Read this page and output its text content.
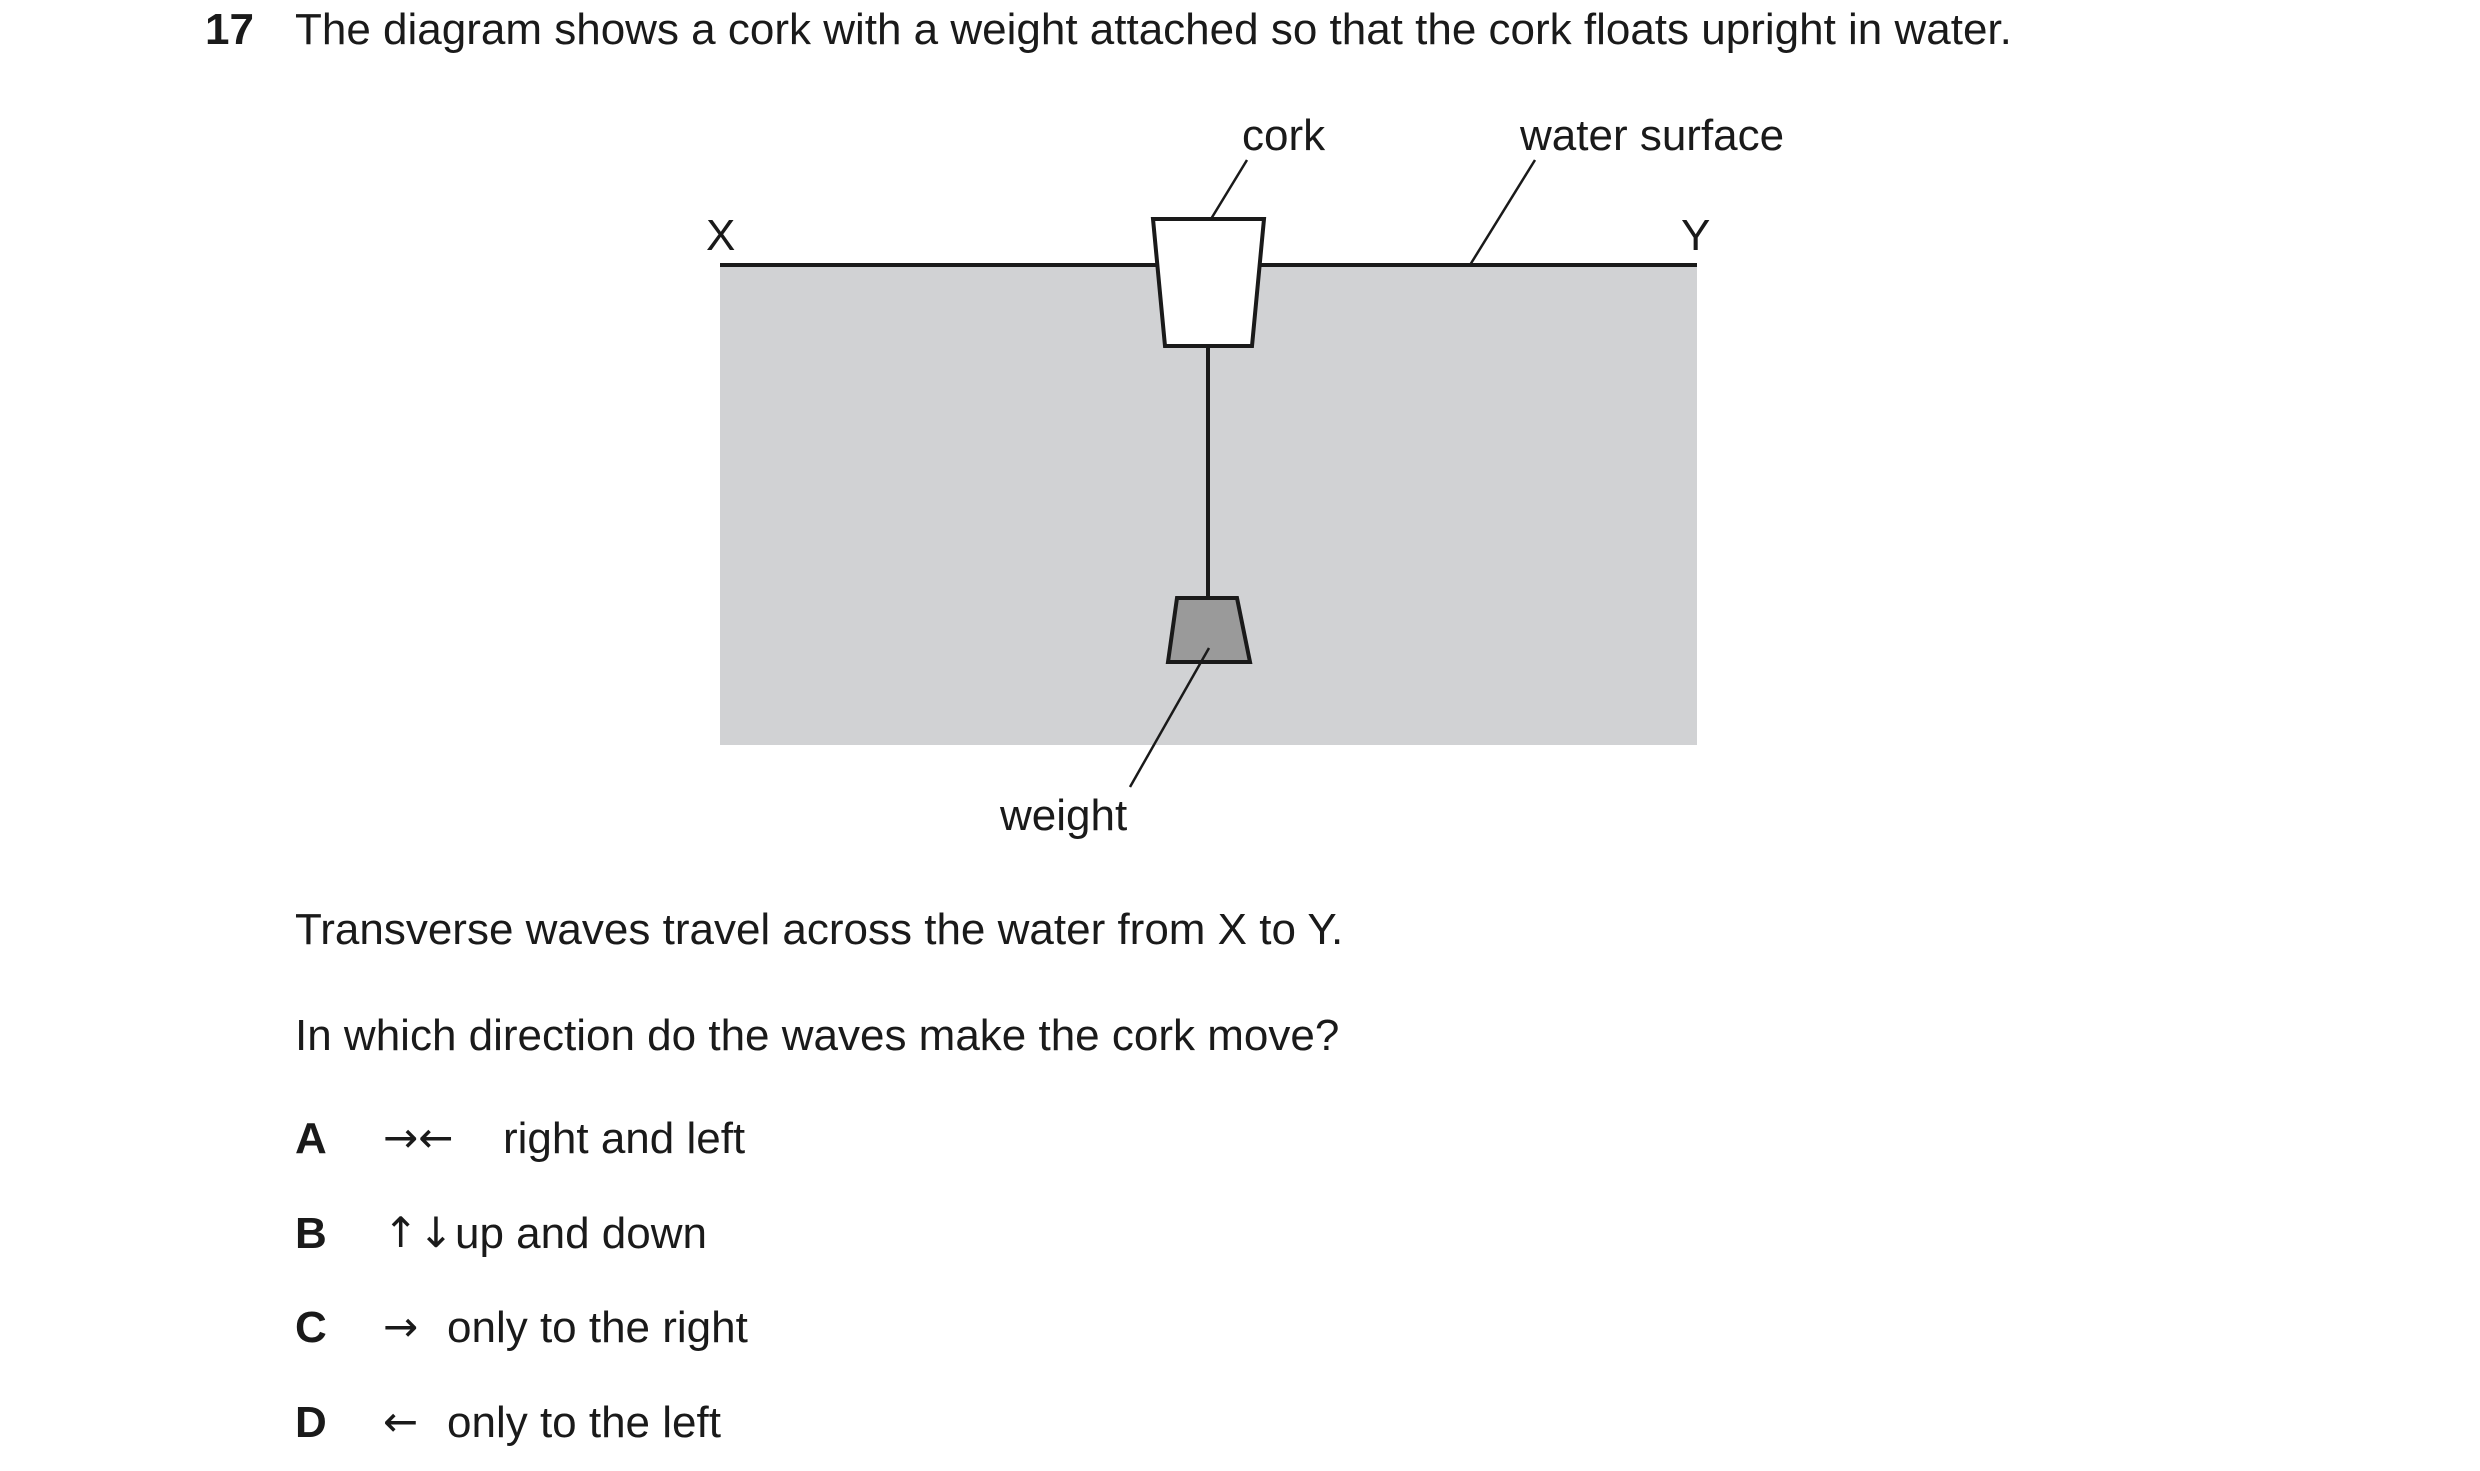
17 The diagram shows a cork with a weight attached so that the cork floats upright in water.
cork	water surface
weight
X	Y
Transverse waves travel across the water from X to Y.
In which direction do the waves make the cork move?
A →← right and left
B ↑↓ up and down
C → only to the right
D ← only to the left
